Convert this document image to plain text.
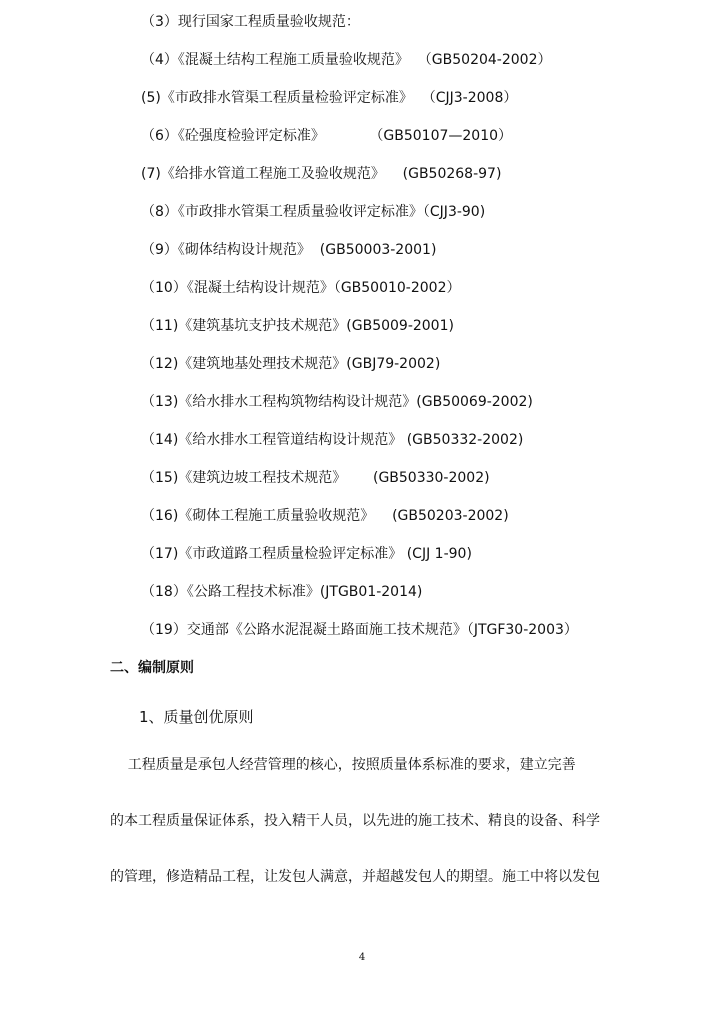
（3）现行国家工程质量验收规范：
（4）《混凝土结构工程施工质量验收规范》  （GB50204-2002）
(5)《市政排水管渠工程质量检验评定标准》  （CJJ3-2008）
（6）《砼强度检验评定标准》          （GB50107—2010）
(7)《给排水管道工程施工及验收规范》    (GB50268-97)
（8）《市政排水管渠工程质量验收评定标准》（CJJ3-90)
（9）《砌体结构设计规范》  (GB50003-2001)
（10）《混凝土结构设计规范》（GB50010-2002）
（11)《建筑基坑支护技术规范》(GB5009-2001)
（12)《建筑地基处理技术规范》(GBJ79-2002)
（13)《给水排水工程构筑物结构设计规范》(GB50069-2002)
（14)《给水排水工程管道结构设计规范》 (GB50332-2002)
（15)《建筑边坡工程技术规范》      (GB50330-2002)
（16)《砌体工程施工质量验收规范》    (GB50203-2002)
（17)《市政道路工程质量检验评定标准》 (CJJ 1-90)
（18）《公路工程技术标准》(JTGB01-2014)
（19）交通部《公路水泥混凝土路面施工技术规范》（JTGF30-2003）
二、编制原则
1、质量创优原则

工程质量是承包人经营管理的核心，按照质量体系标准的要求，建立完善
的本工程质量保证体系，投入精干人员，以先进的施工技术、精良的设备、科学
的管理，修造精品工程，让发包人满意，并超越发包人的期望。施工中将以发包

4
